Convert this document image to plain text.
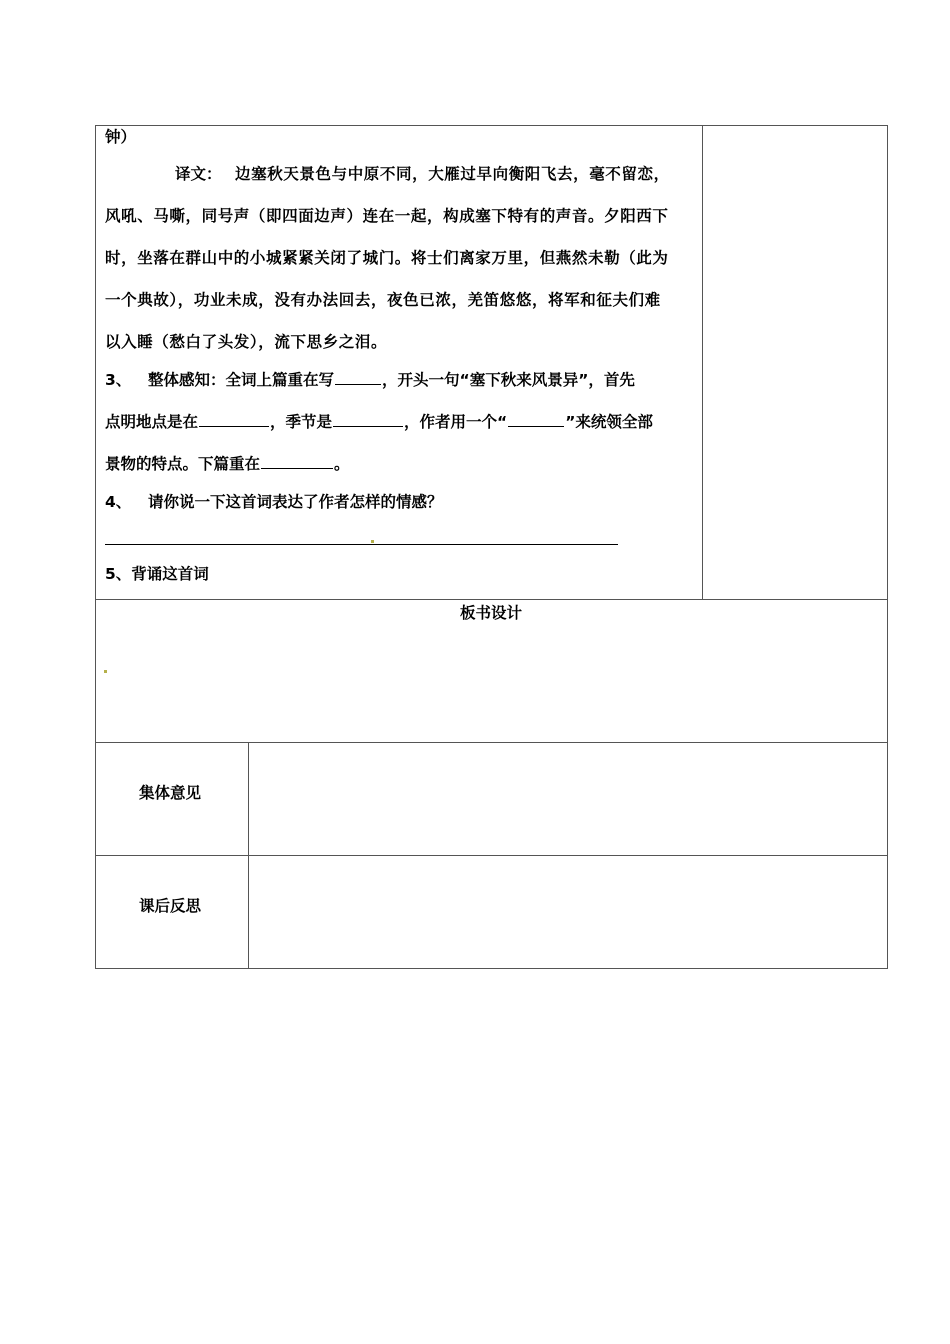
钟）
译文： 边塞秋天景色与中原不同，大雁过早向衡阳飞去，毫不留恋，
风吼、马嘶，同号声（即四面边声）连在一起，构成塞下特有的声音。夕阳西下
时，坐落在群山中的小城紧紧关闭了城门。将士们离家万里，但燕然未勒（此为
一个典故），功业未成，没有办法回去，夜色已浓，羌笛悠悠，将军和征夫们难
以入睡（愁白了头发），流下思乡之泪。
3、 整体感知：全词上篇重在写	，开头一句“塞下秋来风景异”，首先
点明地点是在	，季节是	，作者用一个“	”来统领全部
景物的特点。下篇重在	。
4、 请你说一下这首词表达了作者怎样的情感？
5、背诵这首词
板书设计
集体意见
课后反思
